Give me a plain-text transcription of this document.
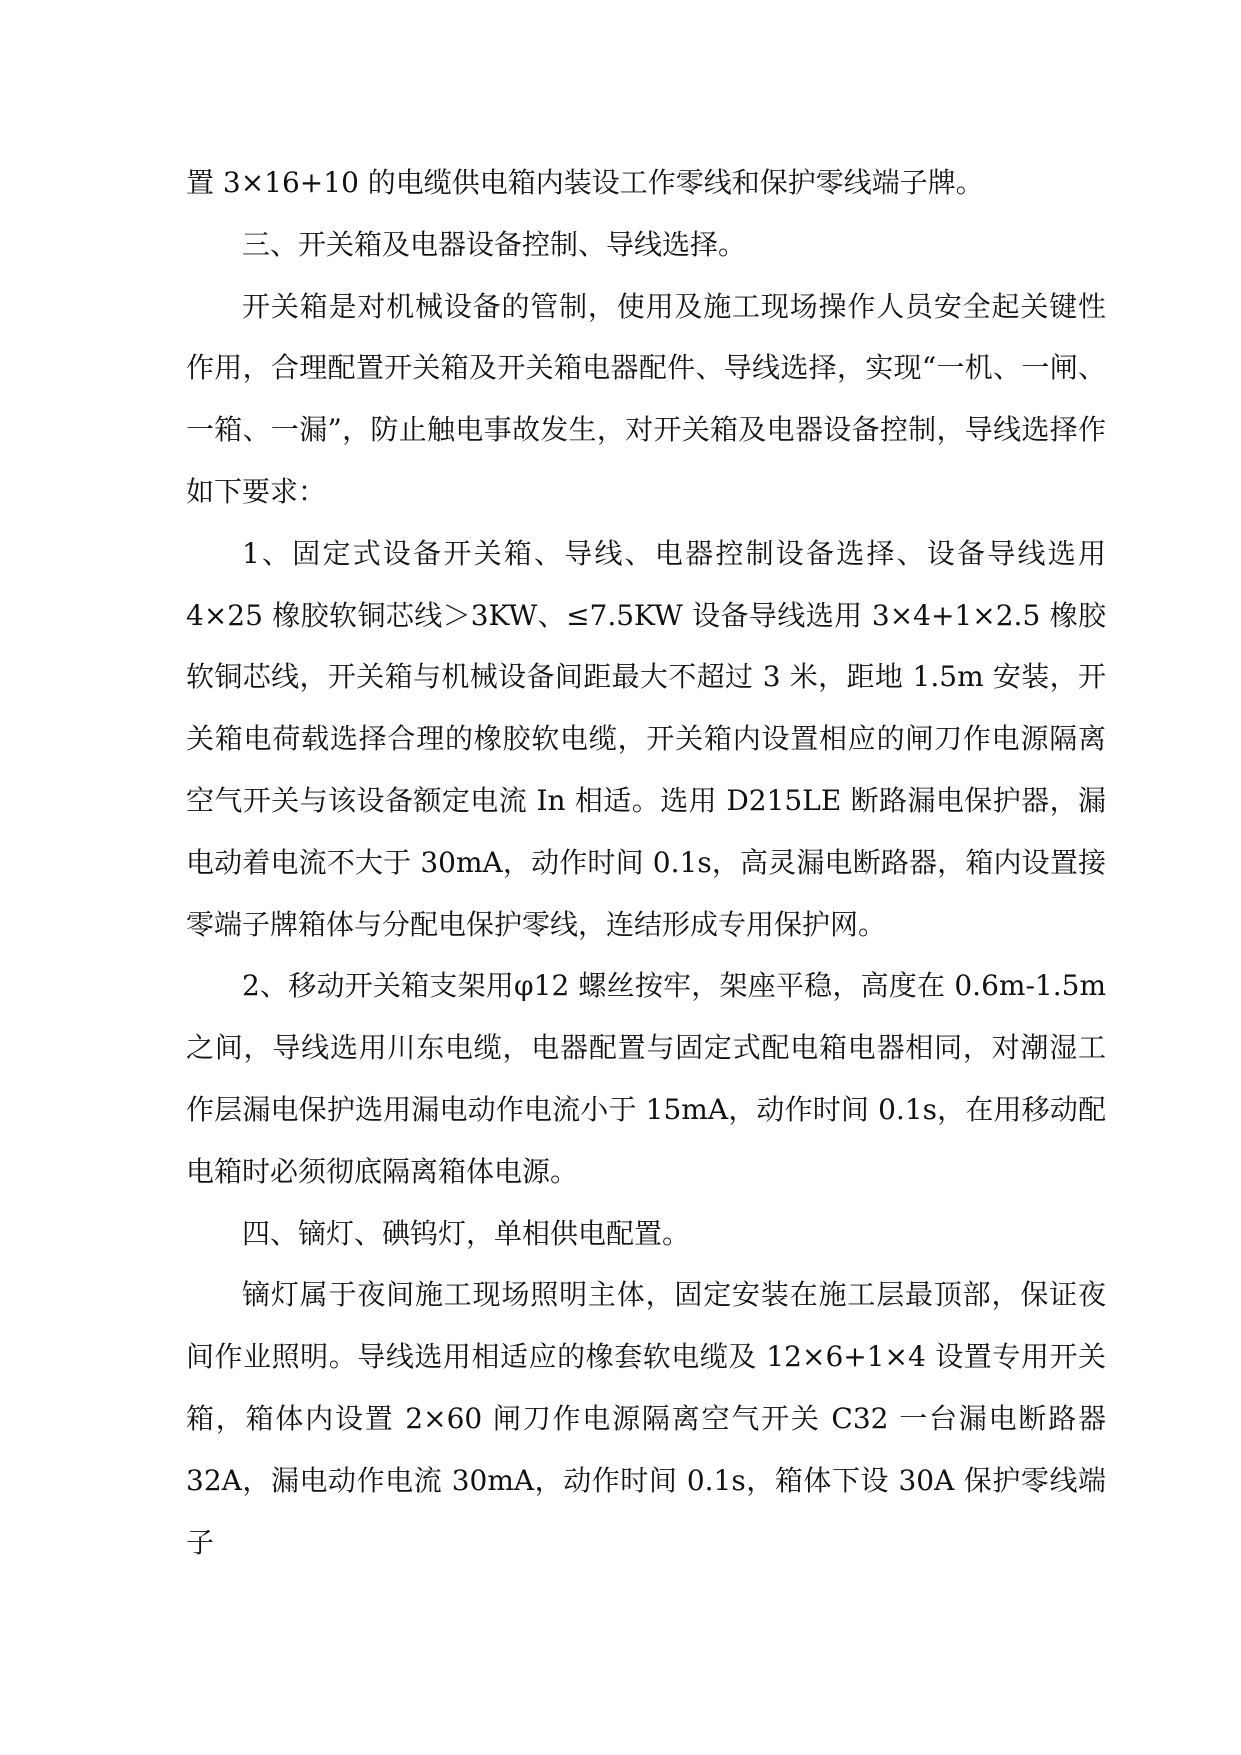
置 3×16+10 的电缆供电箱内装设工作零线和保护零线端子牌。

三、开关箱及电器设备控制、导线选择。

开关箱是对机械设备的管制，使用及施工现场操作人员安全起关键性作用，合理配置开关箱及开关箱电器配件、导线选择，实现“一机、一闸、一箱、一漏”，防止触电事故发生，对开关箱及电器设备控制，导线选择作如下要求：

1、固定式设备开关箱、导线、电器控制设备选择、设备导线选用 4×25 橡胶软铜芯线＞3KW、≤7.5KW 设备导线选用 3×4+1×2.5 橡胶软铜芯线，开关箱与机械设备间距最大不超过 3 米，距地 1.5m 安装，开关箱电荷载选择合理的橡胶软电缆，开关箱内设置相应的闸刀作电源隔离空气开关与该设备额定电流 In 相适。选用 D215LE 断路漏电保护器，漏电动着电流不大于 30mA，动作时间 0.1s，高灵漏电断路器，箱内设置接零端子牌箱体与分配电保护零线，连结形成专用保护网。

2、移动开关箱支架用φ12 螺丝按牢，架座平稳，高度在 0.6m-1.5m 之间，导线选用川东电缆，电器配置与固定式配电箱电器相同，对潮湿工作层漏电保护选用漏电动作电流小于 15mA，动作时间 0.1s，在用移动配电箱时必须彻底隔离箱体电源。

四、镝灯、碘钨灯，单相供电配置。

镝灯属于夜间施工现场照明主体，固定安装在施工层最顶部，保证夜间作业照明。导线选用相适应的橡套软电缆及 12×6+1×4 设置专用开关箱，箱体内设置 2×60 闸刀作电源隔离空气开关 C32 一台漏电断路器 32A，漏电动作电流 30mA，动作时间 0.1s，箱体下设 30A 保护零线端子
